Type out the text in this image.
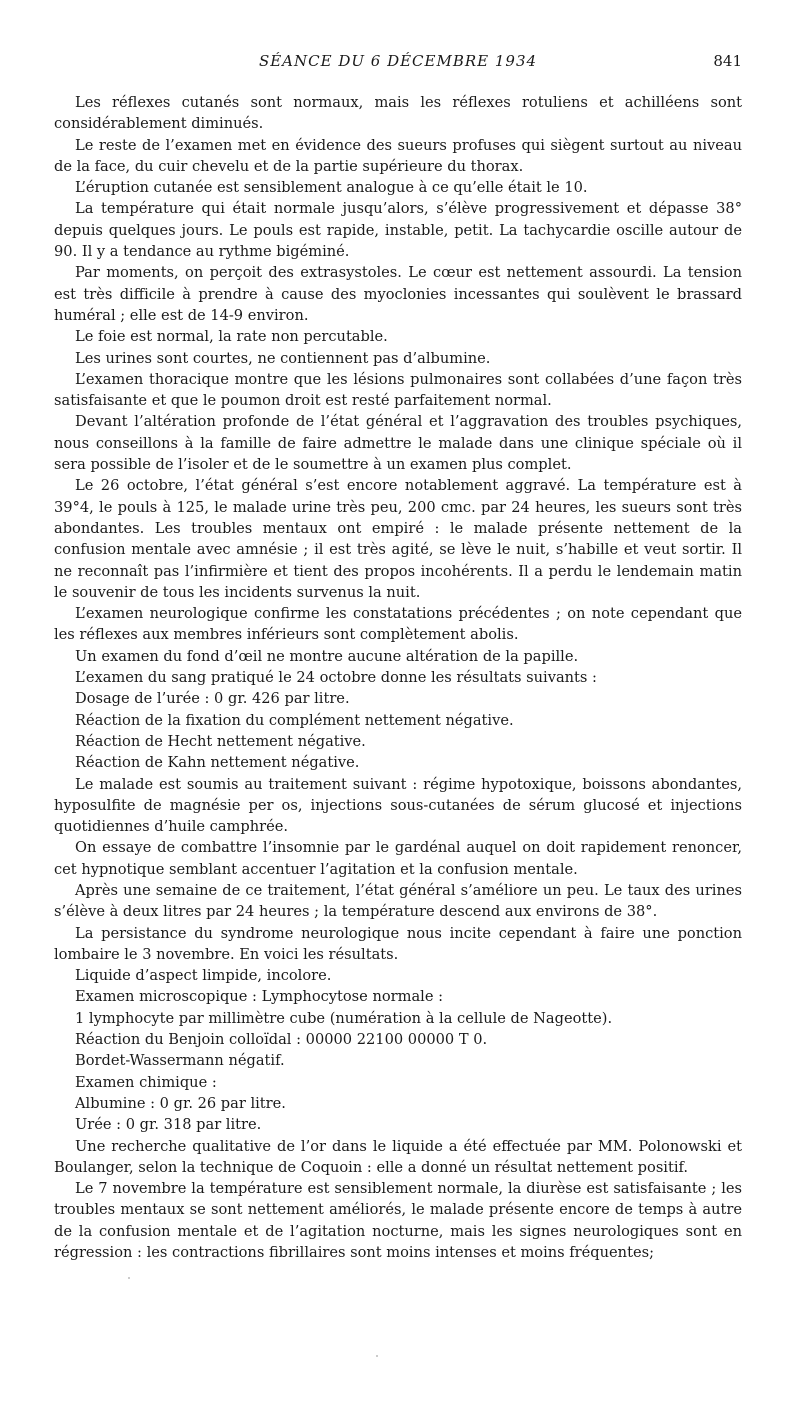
SÉANCE DU 6 DÉCEMBRE 1934	841

Les réflexes cutanés sont normaux, mais les réflexes rotuliens et achilléens sont considérablement diminués.

Le reste de l’examen met en évidence des sueurs profuses qui siègent surtout au niveau de la face, du cuir chevelu et de la partie supérieure du thorax.

L’éruption cutanée est sensiblement analogue à ce qu’elle était le 10.

La température qui était normale jusqu’alors, s’élève progressivement et dépasse 38° depuis quelques jours. Le pouls est rapide, instable, petit. La tachycardie oscille autour de 90. Il y a tendance au rythme bigéminé.

Par moments, on perçoit des extrasystoles. Le cœur est nettement assourdi. La tension est très difficile à prendre à cause des myoclonies incessantes qui soulèvent le brassard huméral ; elle est de 14-9 environ.

Le foie est normal, la rate non percutable.

Les urines sont courtes, ne contiennent pas d’albumine.

L’examen thoracique montre que les lésions pulmonaires sont collabées d’une façon très satisfaisante et que le poumon droit est resté parfaitement normal.

Devant l’altération profonde de l’état général et l’aggravation des troubles psychiques, nous conseillons à la famille de faire admettre le malade dans une clinique spéciale où il sera possible de l’isoler et de le soumettre à un examen plus complet.

Le 26 octobre, l’état général s’est encore notablement aggravé. La température est à 39°4, le pouls à 125, le malade urine très peu, 200 cmc. par 24 heures, les sueurs sont très abondantes. Les troubles mentaux ont empiré : le malade présente nettement de la confusion mentale avec amnésie ; il est très agité, se lève le nuit, s’habille et veut sortir. Il ne reconnaît pas l’infirmière et tient des propos incohérents. Il a perdu le lendemain matin le souvenir de tous les incidents survenus la nuit.

L’examen neurologique confirme les constatations précédentes ; on note cependant que les réflexes aux membres inférieurs sont complètement abolis.

Un examen du fond d’œil ne montre aucune altération de la papille.

L’examen du sang pratiqué le 24 octobre donne les résultats suivants :

Dosage de l’urée : 0 gr. 426 par litre.

Réaction de la fixation du complément nettement négative.

Réaction de Hecht nettement négative.

Réaction de Kahn nettement négative.

Le malade est soumis au traitement suivant : régime hypotoxique, boissons abondantes, hyposulfite de magnésie per os, injections sous-cutanées de sérum glucosé et injections quotidiennes d’huile camphrée.

On essaye de combattre l’insomnie par le gardénal auquel on doit rapidement renoncer, cet hypnotique semblant accentuer l’agitation et la confusion mentale.

Après une semaine de ce traitement, l’état général s’améliore un peu. Le taux des urines s’élève à deux litres par 24 heures ; la température descend aux environs de 38°.

La persistance du syndrome neurologique nous incite cependant à faire une ponction lombaire le 3 novembre. En voici les résultats.

Liquide d’aspect limpide, incolore.

Examen microscopique : Lymphocytose normale :

1 lymphocyte par millimètre cube (numération à la cellule de Nageotte).

Réaction du Benjoin colloïdal : 00000 22100 00000 T 0.

Bordet-Wassermann négatif.

Examen chimique :

Albumine : 0 gr. 26 par litre.

Urée : 0 gr. 318 par litre.

Une recherche qualitative de l’or dans le liquide a été effectuée par MM. Polonowski et Boulanger, selon la technique de Coquoin : elle a donné un résultat nettement positif.

Le 7 novembre la température est sensiblement normale, la diurèse est satisfaisante ; les troubles mentaux se sont nettement améliorés, le malade présente encore de temps à autre de la confusion mentale et de l’agitation nocturne, mais les signes neurologiques sont en régression : les contractions fibrillaires sont moins intenses et moins fréquentes;
